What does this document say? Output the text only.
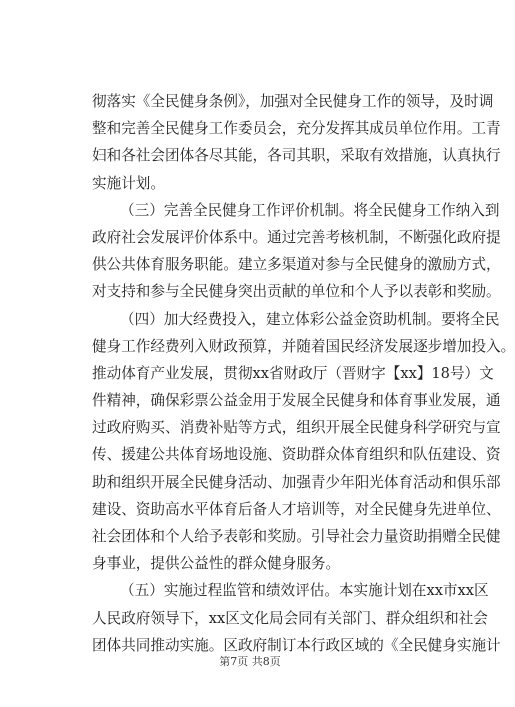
彻落实《全民健身条例》，加强对全民健身工作的领导，及时调
整和完善全民健身工作委员会，充分发挥其成员单位作用。工青
妇和各社会团体各尽其能，各司其职，采取有效措施，认真执行
实施计划。
（三）完善全民健身工作评价机制。将全民健身工作纳入到
政府社会发展评价体系中。通过完善考核机制，不断强化政府提
供公共体育服务职能。建立多渠道对参与全民健身的激励方式，
对支持和参与全民健身突出贡献的单位和个人予以表彰和奖励。
（四）加大经费投入，建立体彩公益金资助机制。要将全民
健身工作经费列入财政预算，并随着国民经济发展逐步增加投入。
推动体育产业发展，贯彻xx省财政厅（晋财字【xx】18号）文
件精神，确保彩票公益金用于发展全民健身和体育事业发展，通
过政府购买、消费补贴等方式，组织开展全民健身科学研究与宣
传、援建公共体育场地设施、资助群众体育组织和队伍建设、资
助和组织开展全民健身活动、加强青少年阳光体育活动和俱乐部
建设、资助高水平体育后备人才培训等，对全民健身先进单位、
社会团体和个人给予表彰和奖励。引导社会力量资助捐赠全民健
身事业，提供公益性的群众健身服务。
（五）实施过程监管和绩效评估。本实施计划在xx市xx区
人民政府领导下，xx区文化局会同有关部门、群众组织和社会
团体共同推动实施。区政府制订本行政区域的《全民健身实施计
第7页 共8页
